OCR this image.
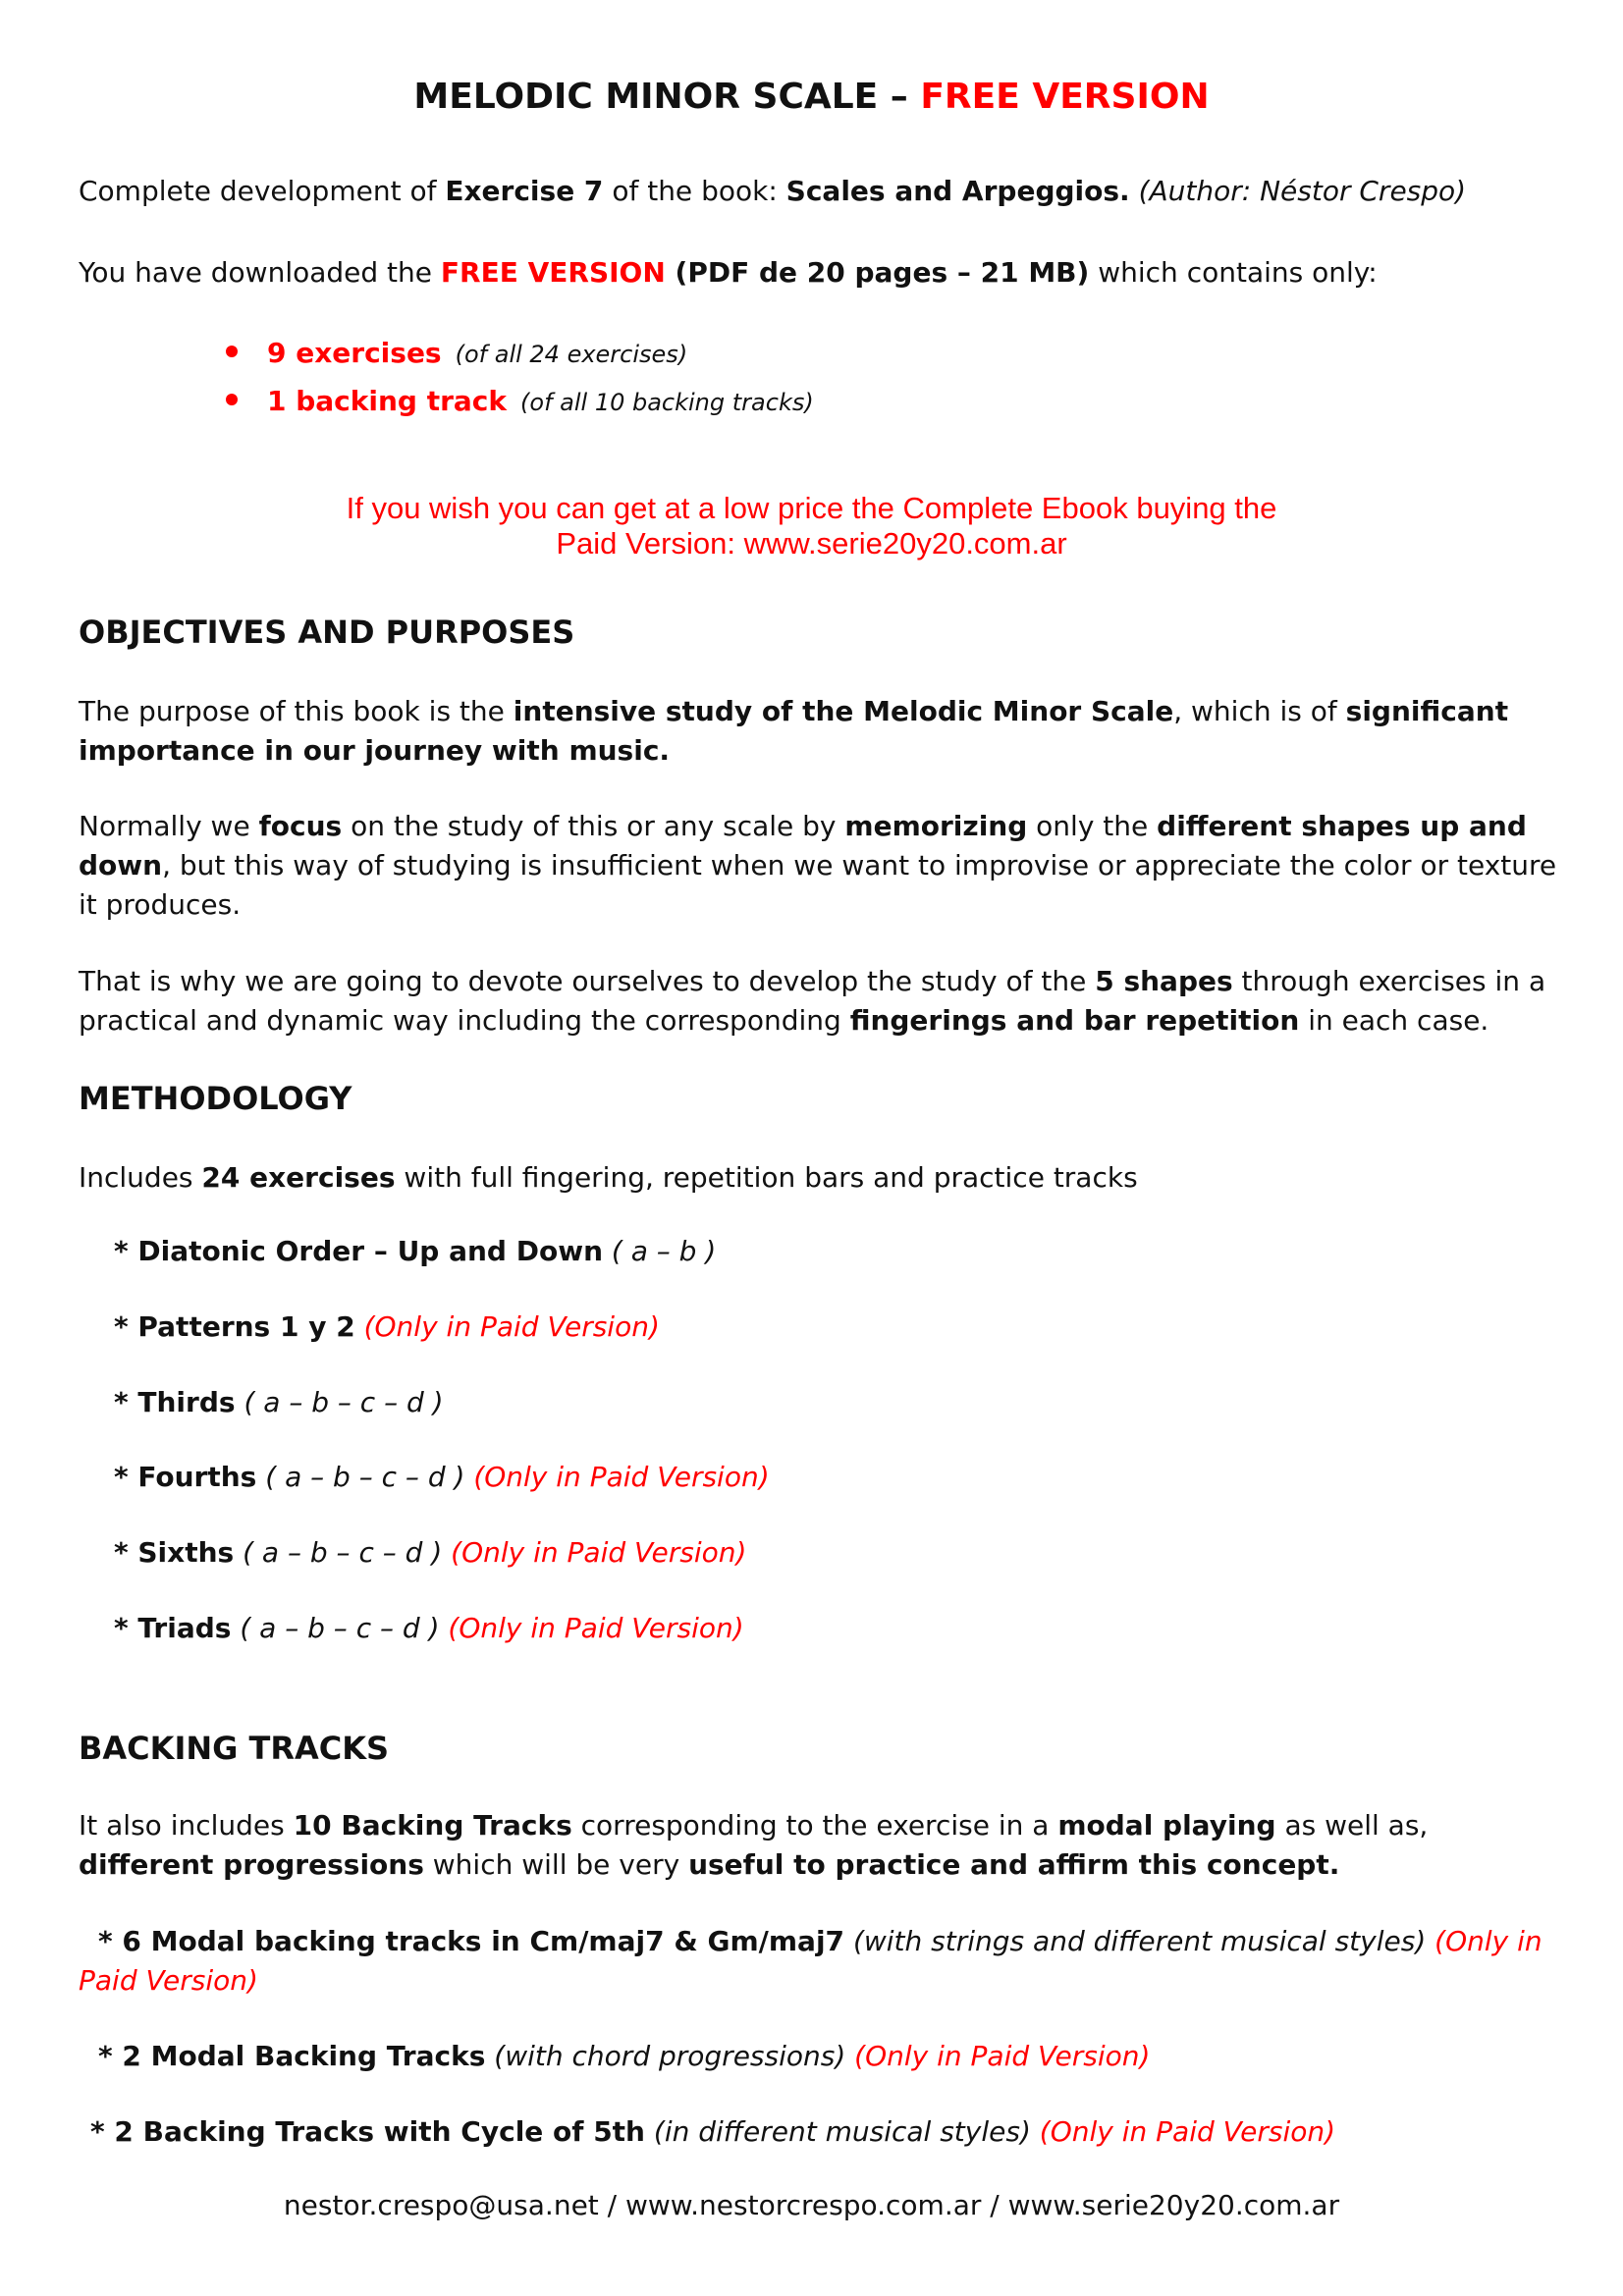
MELODIC MINOR SCALE – FREE VERSION
Complete development of Exercise 7 of the book: Scales and Arpeggios. (Author: Néstor Crespo)
You have downloaded the FREE VERSION (PDF de 20 pages – 21 MB) which contains only:
9 exercises (of all 24 exercises)
1 backing track (of all 10 backing tracks)
If you wish you can get at a low price the Complete Ebook buying the
Paid Version: www.serie20y20.com.ar
OBJECTIVES AND PURPOSES
The purpose of this book is the intensive study of the Melodic Minor Scale, which is of significant importance in our journey with music.
Normally we focus on the study of this or any scale by memorizing only the different shapes up and down, but this way of studying is insufficient when we want to improvise or appreciate the color or texture it produces.
That is why we are going to devote ourselves to develop the study of the 5 shapes through exercises in a practical and dynamic way including the corresponding fingerings and bar repetition in each case.
METHODOLOGY
Includes 24 exercises with full fingering, repetition bars and practice tracks
* Diatonic Order – Up and Down ( a – b )
* Patterns 1 y 2 (Only in Paid Version)
* Thirds ( a – b – c – d )
* Fourths ( a – b – c – d ) (Only in Paid Version)
* Sixths ( a – b – c – d ) (Only in Paid Version)
* Triads ( a – b – c – d ) (Only in Paid Version)
BACKING TRACKS
It also includes 10 Backing Tracks corresponding to the exercise in a modal playing as well as, different progressions which will be very useful to practice and affirm this concept.
* 6 Modal backing tracks in Cm/maj7 & Gm/maj7 (with strings and different musical styles) (Only in Paid Version)
* 2 Modal Backing Tracks (with chord progressions) (Only in Paid Version)
* 2 Backing Tracks with Cycle of 5th (in different musical styles) (Only in Paid Version)
nestor.crespo@usa.net / www.nestorcrespo.com.ar / www.serie20y20.com.ar
